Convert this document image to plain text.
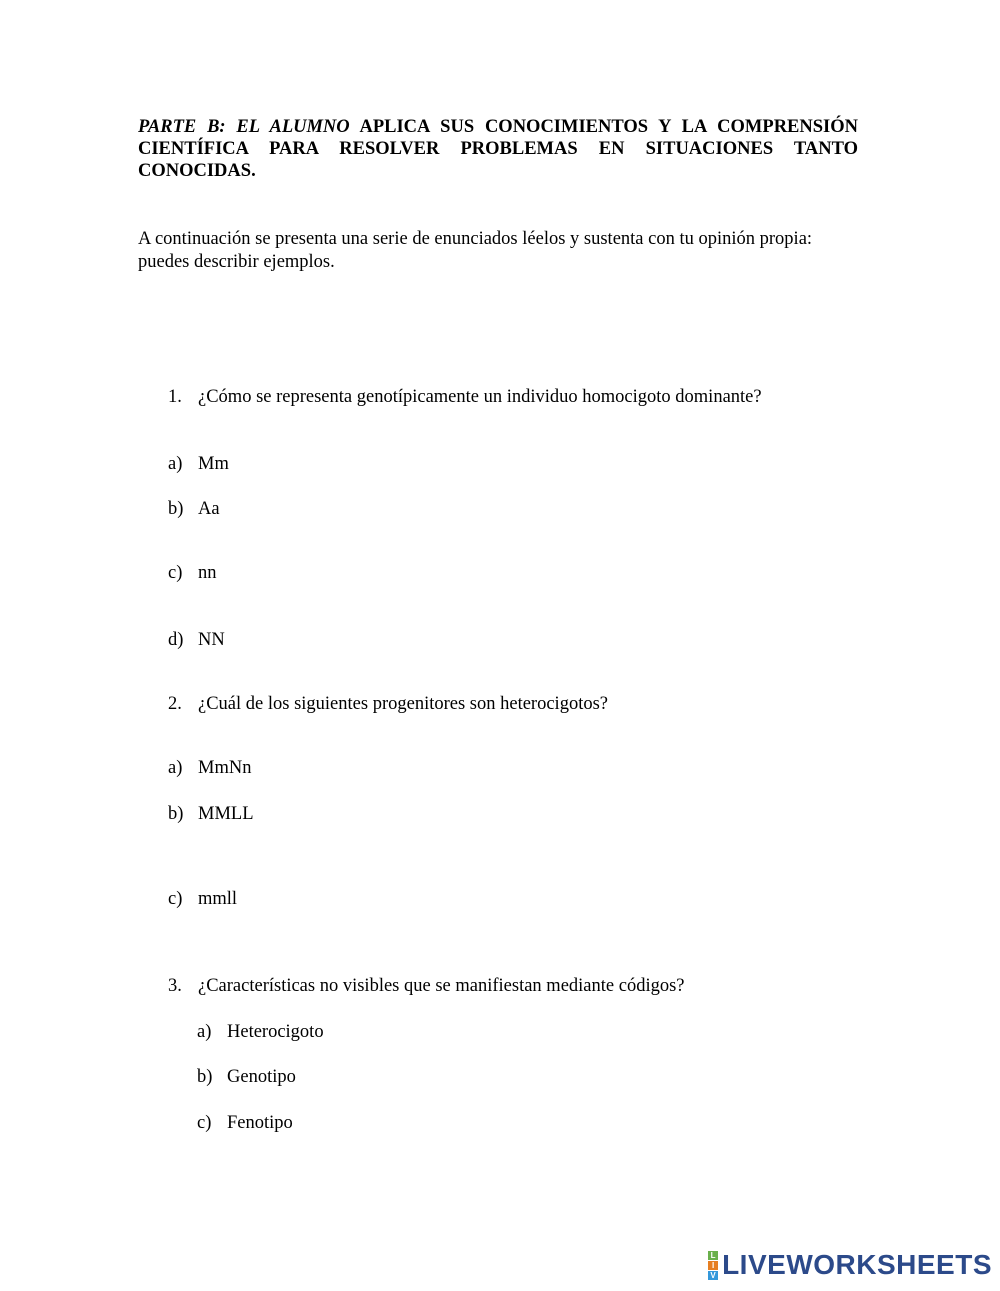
PARTE B: EL ALUMNO APLICA SUS CONOCIMIENTOS Y LA COMPRENSIÓN CIENTÍFICA PARA RESOLVER PROBLEMAS EN SITUACIONES TANTO CONOCIDAS.
A continuación se presenta una serie de enunciados léelos y sustenta con tu opinión propia: puedes describir ejemplos.
1. ¿Cómo se representa genotípicamente un individuo homocigoto dominante?
a) Mm
b) Aa
c) nn
d) NN
2. ¿Cuál de los siguientes progenitores son heterocigotos?
a) MmNn
b) MMLL
c) mmll
3. ¿Características no visibles que se manifiestan mediante códigos?
a) Heterocigoto
b) Genotipo
c) Fenotipo
L
I
V LIVEWORKSHEETS
